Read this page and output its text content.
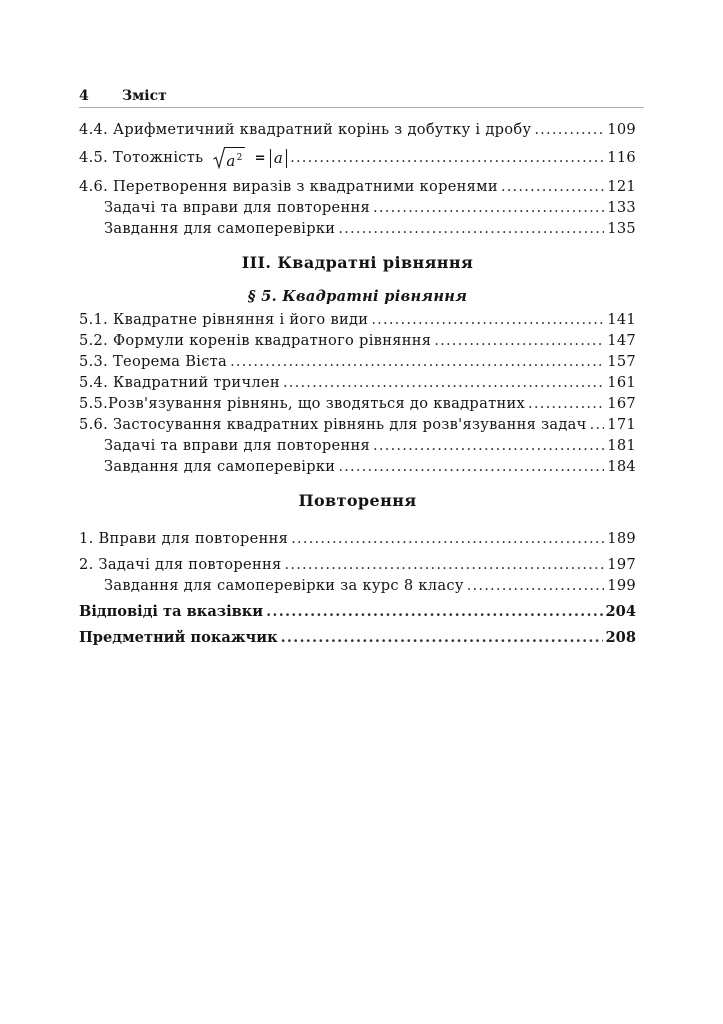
4 Зміст
4.4. Арифметичний квадратний корінь з добутку і дробу .....	109
4.5. Тотожність $a^2 = a$ .....	116
4.6. Перетворення виразів з квадратними коренями .....	121
Задачі та вправи для повторення .....	133
Завдання для самоперевірки .....	135
ІІІ. Квадратні рівняння
§ 5. Квадратні рівняння
5.1. Квадратне рівняння і його види .....	141
5.2. Формули коренів квадратного рівняння .....	147
5.3. Теорема Вієта .....	157
5.4. Квадратний тричлен .....	161
5.5.Розв'язування рівнянь, що зводяться до квадратних .....	167
5.6. Застосування квадратних рівнянь для розв'язування задач ..... 171
Задачі та вправи для повторення .....	181
Завдання для самоперевірки .....	184
Повторення
1. Вправи для повторення .....	189
2. Задачі для повторення .....	197
Завдання для самоперевірки за курс 8 класу .....	199
Відповіді та вказівки .....	204
Предметний покажчик .....	208
